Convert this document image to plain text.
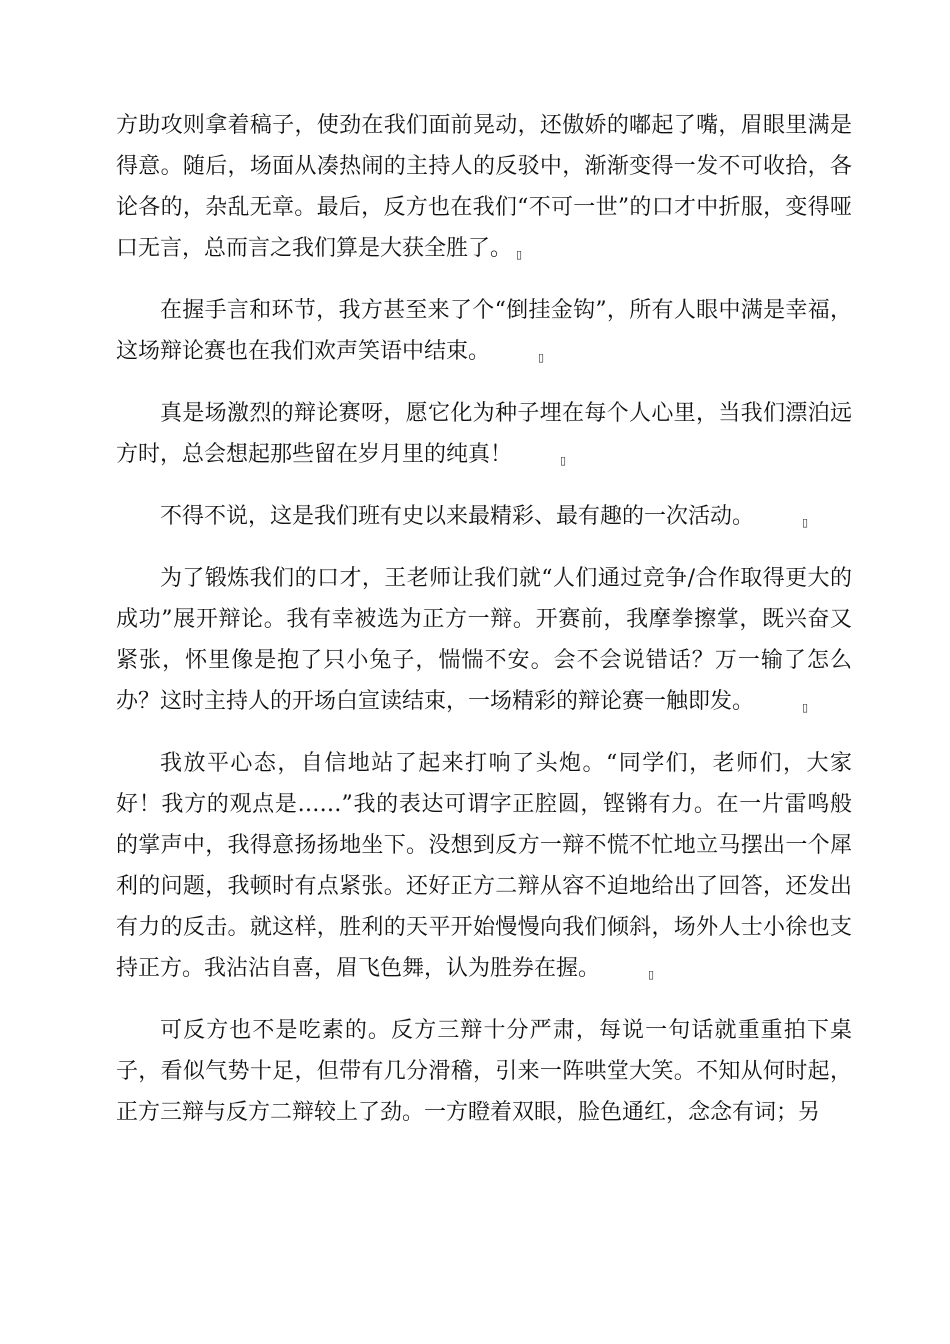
方助攻则拿着稿子，使劲在我们面前晃动，还傲娇的嘟起了嘴，眉眼里满是得意。随后，场面从凑热闹的主持人的反驳中，渐渐变得一发不可收拾，各论各的，杂乱无章。最后，反方也在我们“不可一世”的口才中折服，变得哑口无言，总而言之我们算是大获全胜了。 ▯

在握手言和环节，我方甚至来了个“倒挂金钩”，所有人眼中满是幸福，这场辩论赛也在我们欢声笑语中结束。	▯

真是场激烈的辩论赛呀，愿它化为种子埋在每个人心里，当我们漂泊远方时，总会想起那些留在岁月里的纯真！	▯

不得不说，这是我们班有史以来最精彩、最有趣的一次活动。	▯

为了锻炼我们的口才，王老师让我们就“人们通过竞争/合作取得更大的成功”展开辩论。我有幸被选为正方一辩。开赛前，我摩拳擦掌，既兴奋又紧张，怀里像是抱了只小兔子，惴惴不安。会不会说错话？万一输了怎么办？这时主持人的开场白宣读结束，一场精彩的辩论赛一触即发。	▯

我放平心态，自信地站了起来打响了头炮。“同学们，老师们，大家好！我方的观点是……”我的表达可谓字正腔圆，铿锵有力。在一片雷鸣般的掌声中，我得意扬扬地坐下。没想到反方一辩不慌不忙地立马摆出一个犀利的问题，我顿时有点紧张。还好正方二辩从容不迫地给出了回答，还发出有力的反击。就这样，胜利的天平开始慢慢向我们倾斜，场外人士小徐也支持正方。我沾沾自喜，眉飞色舞，认为胜券在握。	▯

可反方也不是吃素的。反方三辩十分严肃，每说一句话就重重拍下桌子，看似气势十足，但带有几分滑稽，引来一阵哄堂大笑。不知从何时起，正方三辩与反方二辩较上了劲。一方瞪着双眼，脸色通红，念念有词；另
